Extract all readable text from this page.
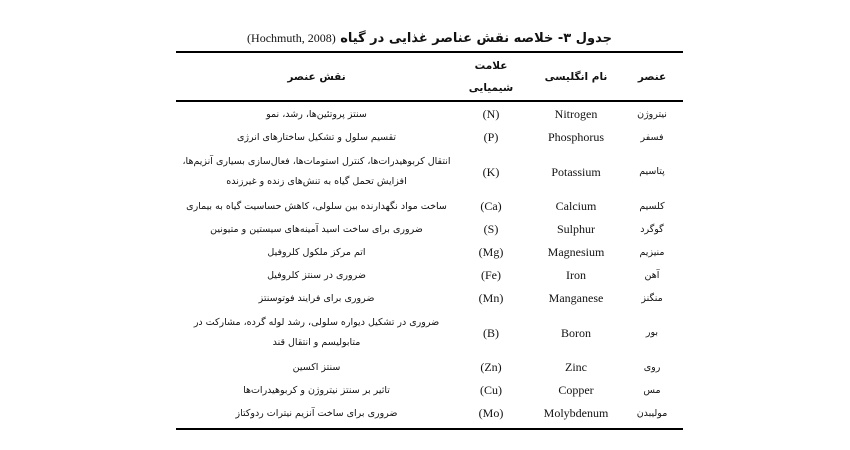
جدول ۳- خلاصه نقش عناصر غذایی در گیاه (Hochmuth, 2008)
عنصر
نام انگلیسی
علامت
شیمیایی
نقش عنصر
نیتروژن
Nitrogen
(N)
سنتز پروتئین‌ها، رشد، نمو
فسفر
Phosphorus
(P)
تقسیم سلول و تشکیل ساختارهای انرژی
پتاسیم
Potassium
(K)
انتقال کربوهیدرات‌ها، کنترل استومات‌ها، فعال‌سازی بسیاری آنزیم‌ها،
افزایش تحمل گیاه به تنش‌های زنده و غیرزنده
کلسیم
Calcium
(Ca)
ساخت مواد نگهدارنده بین سلولی، کاهش حساسیت گیاه به بیماری
گوگرد
Sulphur
(S)
ضروری برای ساخت اسید آمینه‌های سیستین و متیونین
منیزیم
Magnesium
(Mg)
اتم مرکز ملکول کلروفیل
آهن
Iron
(Fe)
ضروری در سنتز کلروفیل
منگنز
Manganese
(Mn)
ضروری برای فرایند فوتوسنتز
بور
Boron
(B)
ضروری در تشکیل دیواره سلولی، رشد لوله گرده، مشارکت در
متابولیسم و انتقال قند
روی
Zinc
(Zn)
سنتز اکسین
مس
Copper
(Cu)
تاثیر بر سنتز نیتروژن و کربوهیدرات‌ها
مولیبدن
Molybdenum
(Mo)
ضروری برای ساخت آنزیم نیترات ردوکتاز
